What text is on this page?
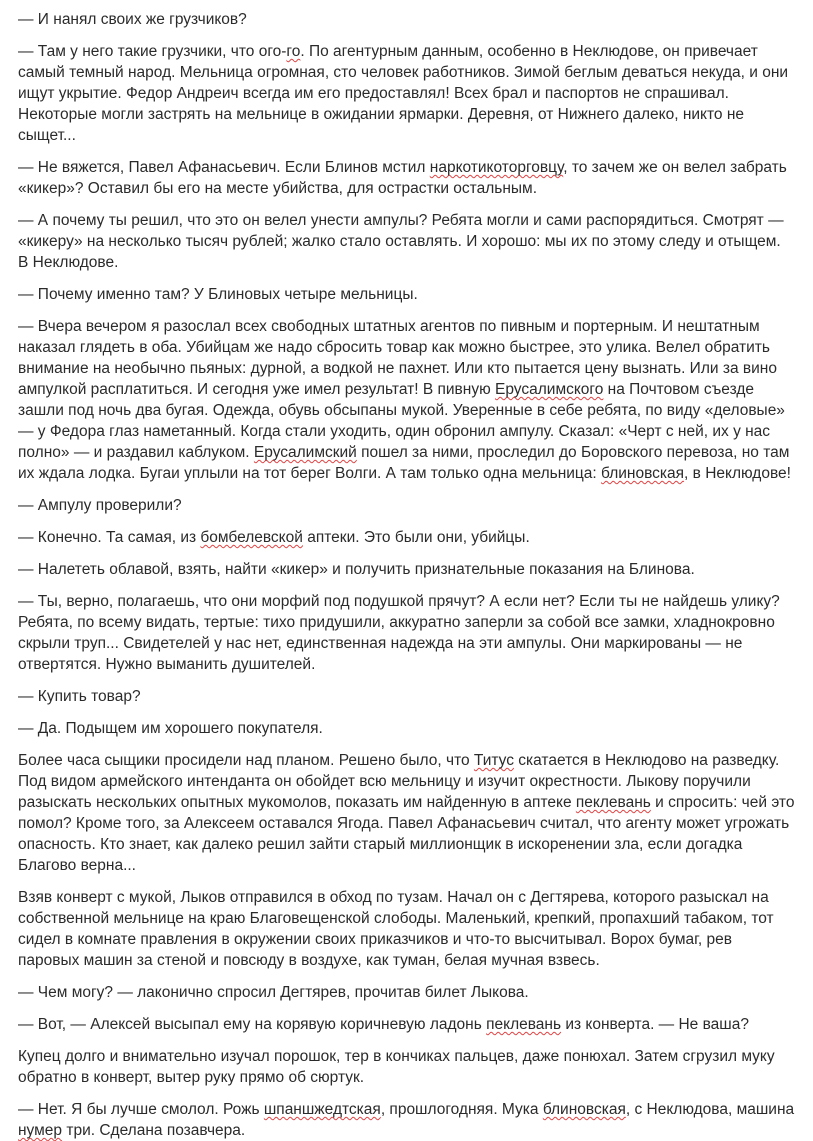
— И нанял своих же грузчиков?

— Там у него такие грузчики, что ого-го. По агентурным данным, особенно в Неклюдове, он привечает самый темный народ. Мельница огромная, сто человек работников. Зимой беглым деваться некуда, и они ищут укрытие. Федор Андреич всегда им его предоставлял! Всех брал и паспортов не спрашивал. Некоторые могли застрять на мельнице в ожидании ярмарки. Деревня, от Нижнего далеко, никто не сыщет...

— Не вяжется, Павел Афанасьевич. Если Блинов мстил наркотикоторговцу, то зачем же он велел забрать «кикер»? Оставил бы его на месте убийства, для острастки остальным.

— А почему ты решил, что это он велел унести ампулы? Ребята могли и сами распорядиться. Смотрят — «кикеру» на несколько тысяч рублей; жалко стало оставлять. И хорошо: мы их по этому следу и отыщем. В Неклюдове.

— Почему именно там? У Блиновых четыре мельницы.

— Вчера вечером я разослал всех свободных штатных агентов по пивным и портерным. И нештатным наказал глядеть в оба. Убийцам же надо сбросить товар как можно быстрее, это улика. Велел обратить внимание на необычно пьяных: дурной, а водкой не пахнет. Или кто пытается цену вызнать. Или за вино ампулкой расплатиться. И сегодня уже имел результат! В пивную Ерусалимского на Почтовом съезде зашли под ночь два бугая. Одежда, обувь обсыпаны мукой. Уверенные в себе ребята, по виду «деловые» — у Федора глаз наметанный. Когда стали уходить, один обронил ампулу. Сказал: «Черт с ней, их у нас полно» — и раздавил каблуком. Ерусалимский пошел за ними, проследил до Боровского перевоза, но там их ждала лодка. Бугаи уплыли на тот берег Волги. А там только одна мельница: блиновская, в Неклюдове!

— Ампулу проверили?

— Конечно. Та самая, из бомбелевской аптеки. Это были они, убийцы.

— Налететь облавой, взять, найти «кикер» и получить признательные показания на Блинова.

— Ты, верно, полагаешь, что они морфий под подушкой прячут? А если нет? Если ты не найдешь улику? Ребята, по всему видать, тертые: тихо придушили, аккуратно заперли за собой все замки, хладнокровно скрыли труп... Свидетелей у нас нет, единственная надежда на эти ампулы. Они маркированы — не отвертятся. Нужно выманить душителей.

— Купить товар?

— Да. Подыщем им хорошего покупателя.

Более часа сыщики просидели над планом. Решено было, что Титус скатается в Неклюдово на разведку. Под видом армейского интенданта он обойдет всю мельницу и изучит окрестности. Лыкову поручили разыскать нескольких опытных мукомолов, показать им найденную в аптеке пеклевань и спросить: чей это помол? Кроме того, за Алексеем оставался Ягода. Павел Афанасьевич считал, что агенту может угрожать опасность. Кто знает, как далеко решил зайти старый миллионщик в искоренении зла, если догадка Благово верна...

Взяв конверт с мукой, Лыков отправился в обход по тузам. Начал он с Дегтярева, которого разыскал на собственной мельнице на краю Благовещенской слободы. Маленький, крепкий, пропахший табаком, тот сидел в комнате правления в окружении своих приказчиков и что-то высчитывал. Ворох бумаг, рев паровых машин за стеной и повсюду в воздухе, как туман, белая мучная взвесь.

— Чем могу? — лаконично спросил Дегтярев, прочитав билет Лыкова.

— Вот, — Алексей высыпал ему на корявую коричневую ладонь пеклевань из конверта. — Не ваша?

Купец долго и внимательно изучал порошок, тер в кончиках пальцев, даже понюхал. Затем сгрузил муку обратно в конверт, вытер руку прямо об сюртук.

— Нет. Я бы лучше смолол. Рожь шпаншжедтская, прошлогодняя. Мука блиновская, с Неклюдова, машина нумер три. Сделана позавчера.
